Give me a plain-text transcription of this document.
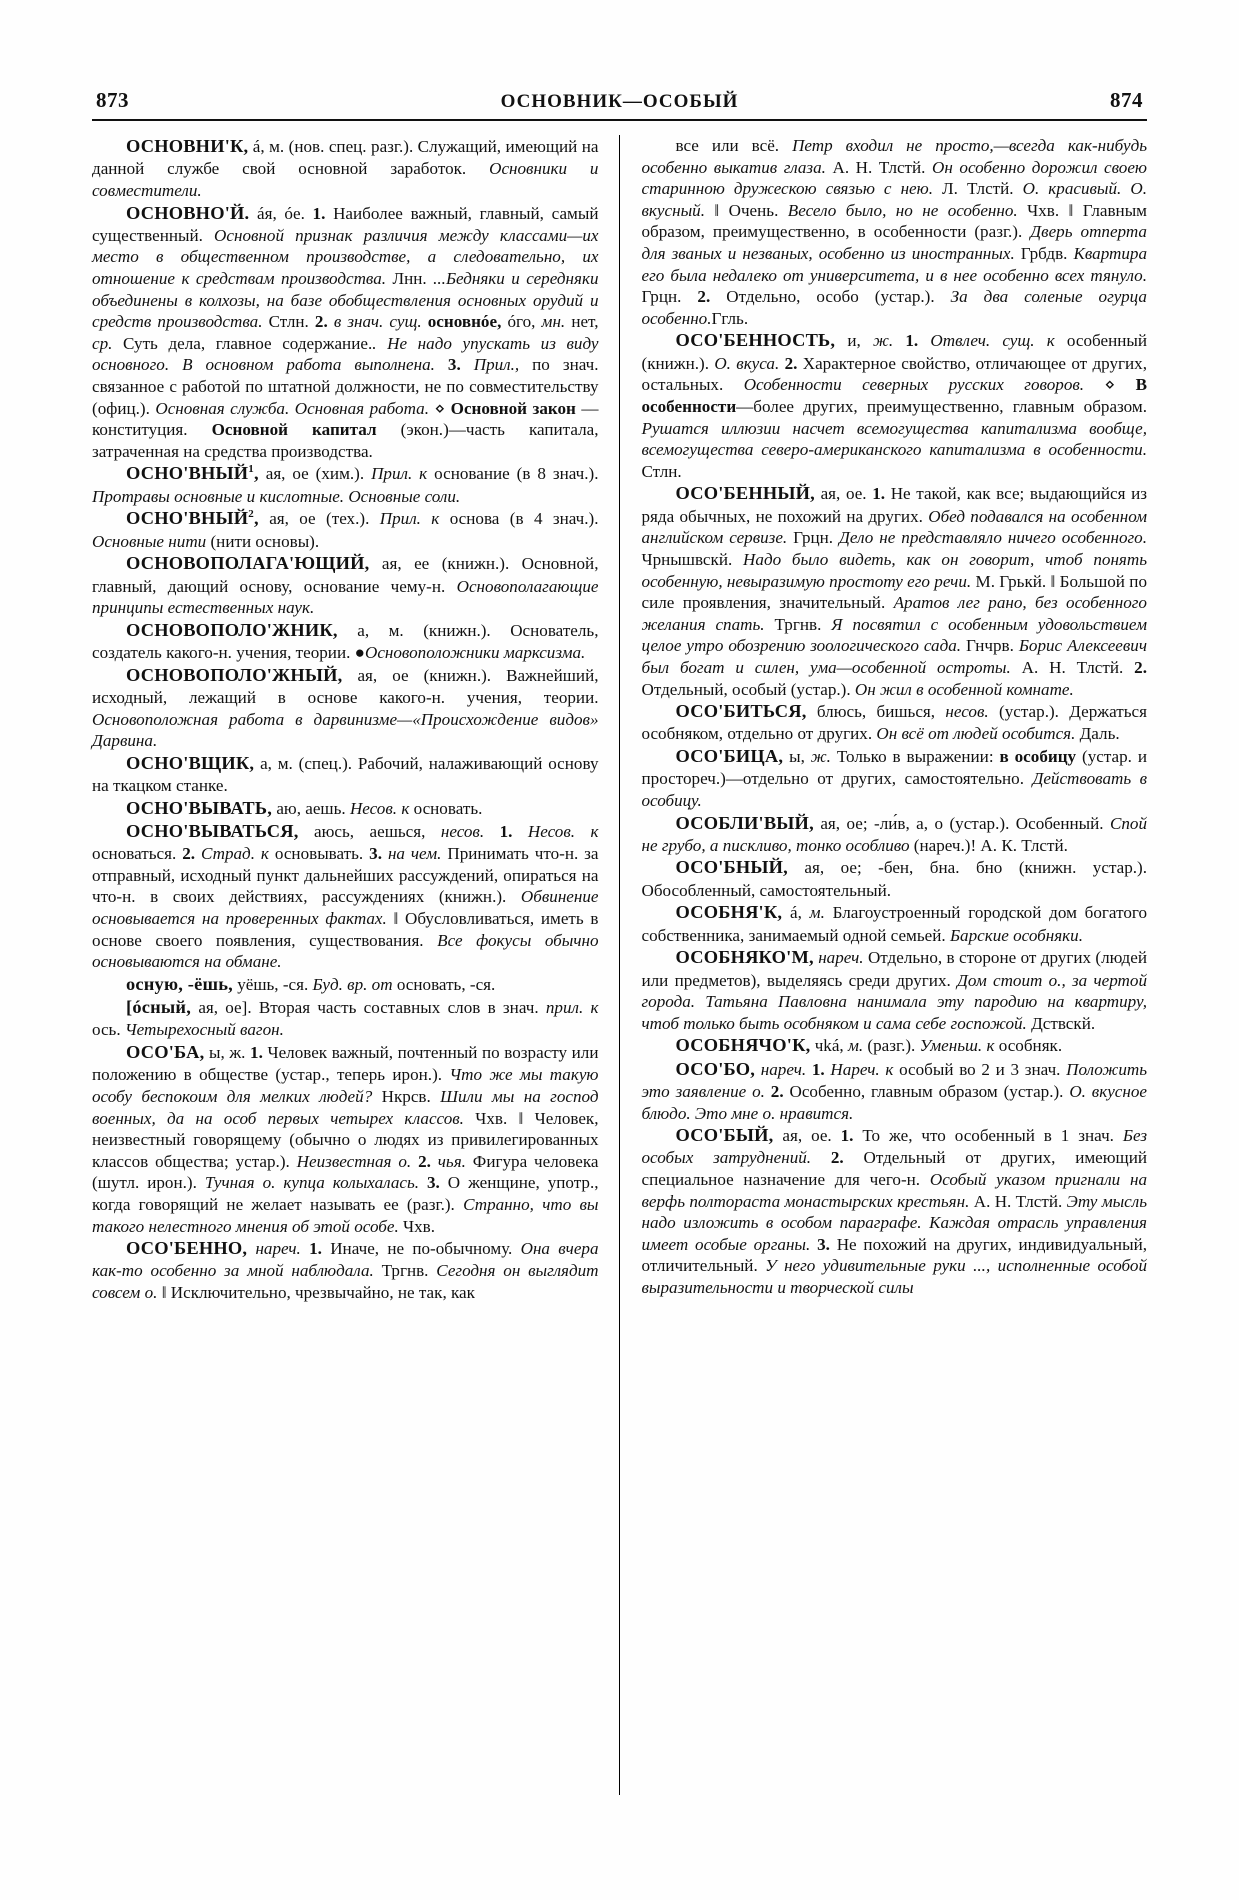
873	ОСНОВНИК—ОСОБЫЙ	874

ОСНОВНИ'К, á, м. (нов. спец. разг.). Служащий, имеющий на данной службе свой основной заработок. Основники и совместители.

ОСНОВНО'Й. áя, óе. 1. Наиболее важный, главный, самый существенный. Основной признак различия между классами—их место в общественном производстве, а следовательно, их отношение к средствам производства. Лнн. ...Бедняки и середняки объединены в колхозы, на базе обобществления основных орудий и средств производства. Стлн. 2. в знач. сущ. основнóе, óго, мн. нет, ср. Суть дела, главное содержание.. Не надо упускать из виду основного. В основном работа выполнена. 3. Прил., по знач. связанное с работой по штатной должности, не по совместительству (офиц.). Основная служба. Основная работа. ⋄ Основной закон — конституция. Основной капитал (экон.)—часть капитала, затраченная на средства производства.

ОСНО'ВНЫЙ$^1$, ая, ое (хим.). Прил. к основание (в 8 знач.). Протравы основные и кислотные. Основные соли.

ОСНО'ВНЫЙ$^2$, ая, ое (тех.). Прил. к основа (в 4 знач.). Основные нити (нити основы).

ОСНОВОПОЛАГА'ЮЩИЙ, ая, ее (книжн.). Основной, главный, дающий основу, основание чему-н. Основополагающие принципы естественных наук.

ОСНОВОПОЛО'ЖНИК, а, м. (книжн.). Основатель, создатель какого-н. учения, теории. ●Основоположники марксизма.

ОСНОВОПОЛО'ЖНЫЙ, ая, ое (книжн.). Важнейший, исходный, лежащий в основе какого-н. учения, теории. Основоположная работа в дарвинизме—«Происхождение видов» Дарвина.

ОСНО'ВЩИК, а, м. (спец.). Рабочий, налаживающий основу на ткацком станке.

ОСНО'ВЫВАТЬ, аю, аешь. Несов. к основать.

ОСНО'ВЫВАТЬСЯ, аюсь, аешься, несов. 1. Несов. к основаться. 2. Страд. к основывать. 3. на чем. Принимать что-н. за отправный, исходный пункт дальнейших рассуждений, опираться на что-н. в своих действиях, рассуждениях (книжн.). Обвинение основывается на проверенных фактах. ‖ Обусловливаться, иметь в основе своего появления, существования. Все фокусы обычно основываются на обмане.

осную, -ёшь, уёшь, -ся. Буд. вр. от основать, -ся.

[ócный, ая, ое]. Вторая часть составных слов в знач. прил. к ось. Четырехосный вагон.

ОСО'БА, ы, ж. 1. Человек важный, почтенный по возрасту или положению в обществе (устар., теперь ирон.). Что же мы такую особу беспокоим для мелких людей? Нкрсв. Шили мы на господ военных, да на особ первых четырех классов. Чхв. ‖ Человек, неизвестный говорящему (обычно о людях из привилегированных классов общества; устар.). Неизвестная о. 2. чья. Фигура человека (шутл. ирон.). Тучная о. купца колыхалась. 3. О женщине, употр., когда говорящий не желает называть ее (разг.). Странно, что вы такого нелестного мнения об этой особе. Чхв.

ОСО'БЕННО, нареч. 1. Иначе, не по-обычному. Она вчера как-то особенно за мной наблюдала. Тргнв. Сегодня он выглядит совсем о. ‖ Исключительно, чрезвычайно, не так, как

все или всё. Петр входил не просто,—всегда как-нибудь особенно выкатив глаза. А. Н. Тлстй. Он особенно дорожил своею старинною дружескою связью с нею. Л. Тлстй. О. красивый. О. вкусный. ‖ Очень. Весело было, но не особенно. Чхв. ‖ Главным образом, преимущественно, в особенности (разг.). Дверь отперта для званых и незваных, особенно из иностранных. Грбдв. Квартира его была недалеко от университета, и в нее особенно всех тянуло. Грцн. 2. Отдельно, особо (устар.). За два соленые огурца особенно.Ггль.

ОСО'БЕННОСТЬ, и, ж. 1. Отвлеч. сущ. к особенный (книжн.). О. вкуса. 2. Характерное свойство, отличающее от других, остальных. Особенности северных русских говоров. ⋄ В особенности—более других, преимущественно, главным образом. Рушатся иллюзии насчет всемогущества капитализма вообще, всемогущества северо-американского капитализма в особенности. Стлн.

ОСО'БЕННЫЙ, ая, ое. 1. Не такой, как все; выдающийся из ряда обычных, не похожий на других. Обед подавался на особенном английском сервизе. Грцн. Дело не представляло ничего особенного. Чрнышвскй. Надо было видеть, как он говорит, чтоб понять особенную, невыразимую простоту его речи. М. Грькй. ‖ Большой по силе проявления, значительный. Аратов лег рано, без особенного желания спать. Тргнв. Я посвятил с особенным удовольствием целое утро обозрению зоологического сада. Гнчрв. Борис Алексеевич был богат и силен, ума—особенной остроты. А. Н. Тлстй. 2. Отдельный, особый (устар.). Он жил в особенной комнате.

ОСО'БИТЬСЯ, блюсь, бишься, несов. (устар.). Держаться особняком, отдельно от других. Он всё от людей особится. Даль.

ОСО'БИЦА, ы, ж. Только в выражении: в особицу (устар. и простореч.)—отдельно от других, самостоятельно. Действовать в особицу.

ОСОБЛИ'ВЫЙ, ая, ое; -ли́в, а, о (устар.). Особенный. Спой не грубо, а пискливо, тонко особливо (нареч.)! А. К. Тлстй.

ОСО'БНЫЙ, ая, ое; -бен, бна. бно (книжн. устар.). Обособленный, самостоятельный.

ОСОБНЯ'К, á, м. Благоустроенный городской дом богатого собственника, занимаемый одной семьей. Барские особняки.

ОСОБНЯКО'М, нареч. Отдельно, в стороне от других (людей или предметов), выделяясь среди других. Дом стоит о., за чертой города. Татьяна Павловна нанимала эту пародию на квартиру, чтоб только быть особняком и сама себе госпожой. Дствскй.

ОСОБНЯЧО'К, чká, м. (разг.). Уменьш. к особняк.

ОСО'БО, нареч. 1. Нареч. к особый во 2 и 3 знач. Положить это заявление о. 2. Особенно, главным образом (устар.). О. вкусное блюдо. Это мне о. нравится.

ОСО'БЫЙ, ая, ое. 1. То же, что особенный в 1 знач. Без особых затруднений. 2. Отдельный от других, имеющий специальное назначение для чего-н. Особый указом пригнали на верфь полтораста монастырских крестьян. А. Н. Тлстй. Эту мысль надо изложить в особом параграфе. Каждая отрасль управления имеет особые органы. 3. Не похожий на других, индивидуальный, отличительный. У него удивительные руки ..., исполненные особой выразительности и творческой силы
